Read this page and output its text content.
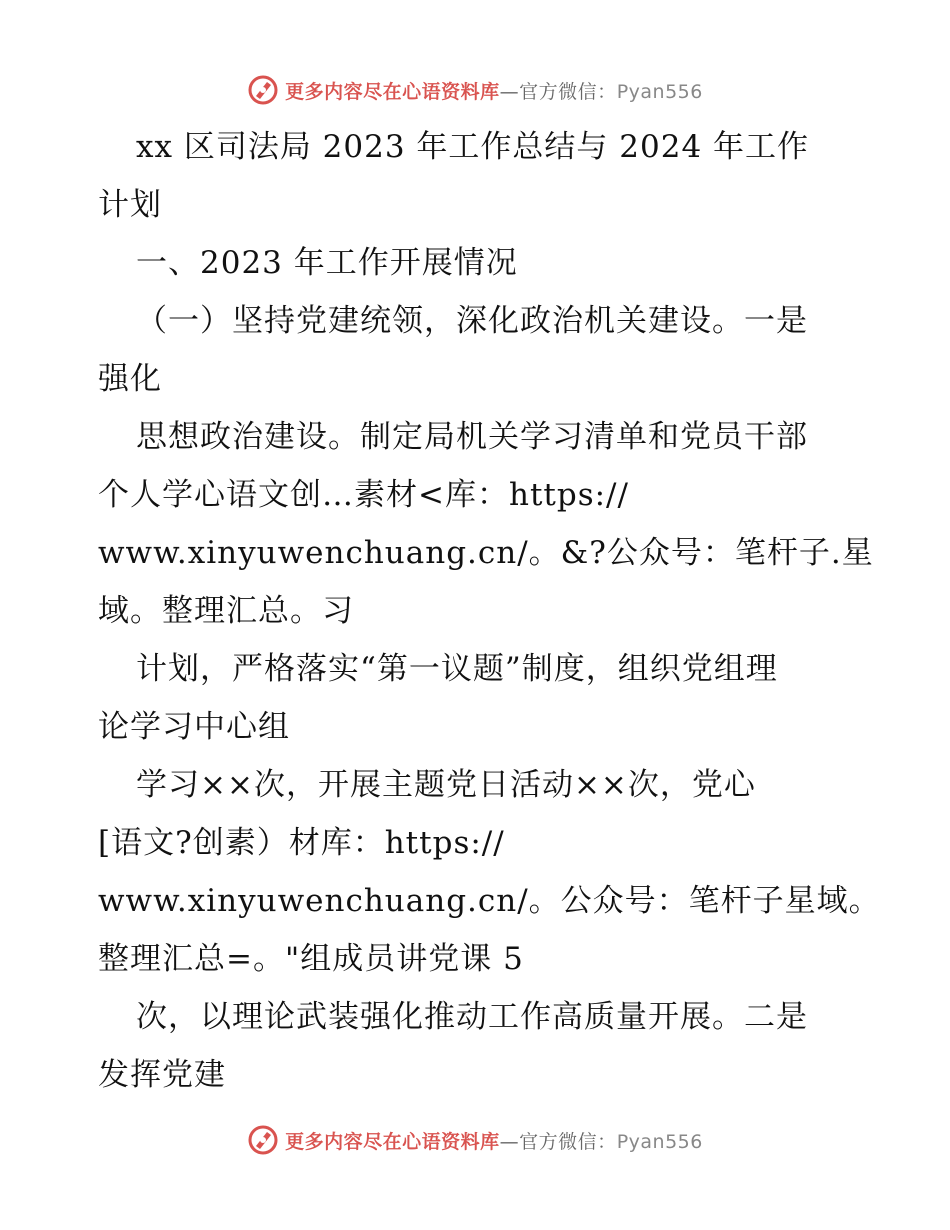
更多内容尽在心语资料库—官方微信：Pyan556
xx 区司法局 2023 年工作总结与 2024 年工作
计划
一、2023 年工作开展情况
（一）坚持党建统领，深化政治机关建设。一是
强化
思想政治建设。制定局机关学习清单和党员干部
个人学心语文创…素材<库：https://
www.xinyuwenchuang.cn/。&?公众号：笔杆子.星
域。整理汇总。习
计划，严格落实“第一议题”制度，组织党组理
论学习中心组
学习××次，开展主题党日活动××次，党心
[语文?创素）材库：https://
www.xinyuwenchuang.cn/。公众号：笔杆子星域。
整理汇总=。"组成员讲党课 5
次，以理论武装强化推动工作高质量开展。二是
发挥党建
更多内容尽在心语资料库—官方微信：Pyan556
